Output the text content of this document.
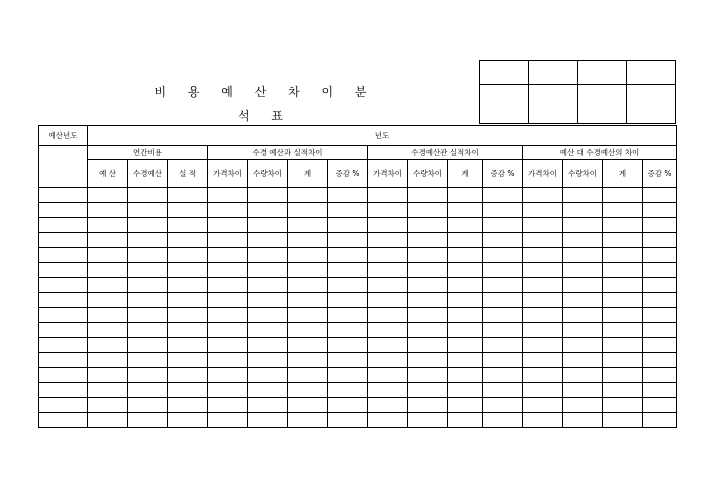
비 용 예 산 차 이 분 석 표

예산년도	년도														
	연간비용			수경 예산과 실적차이				수경예산관 실적차이				예산 대 수경예산의 차이			
	예 산	수경예산	실 적	가격차이	수량차이	계	증감 %	가격차이	수량차이	계	증감 %	가격차이	수량차이	계	증감 %
